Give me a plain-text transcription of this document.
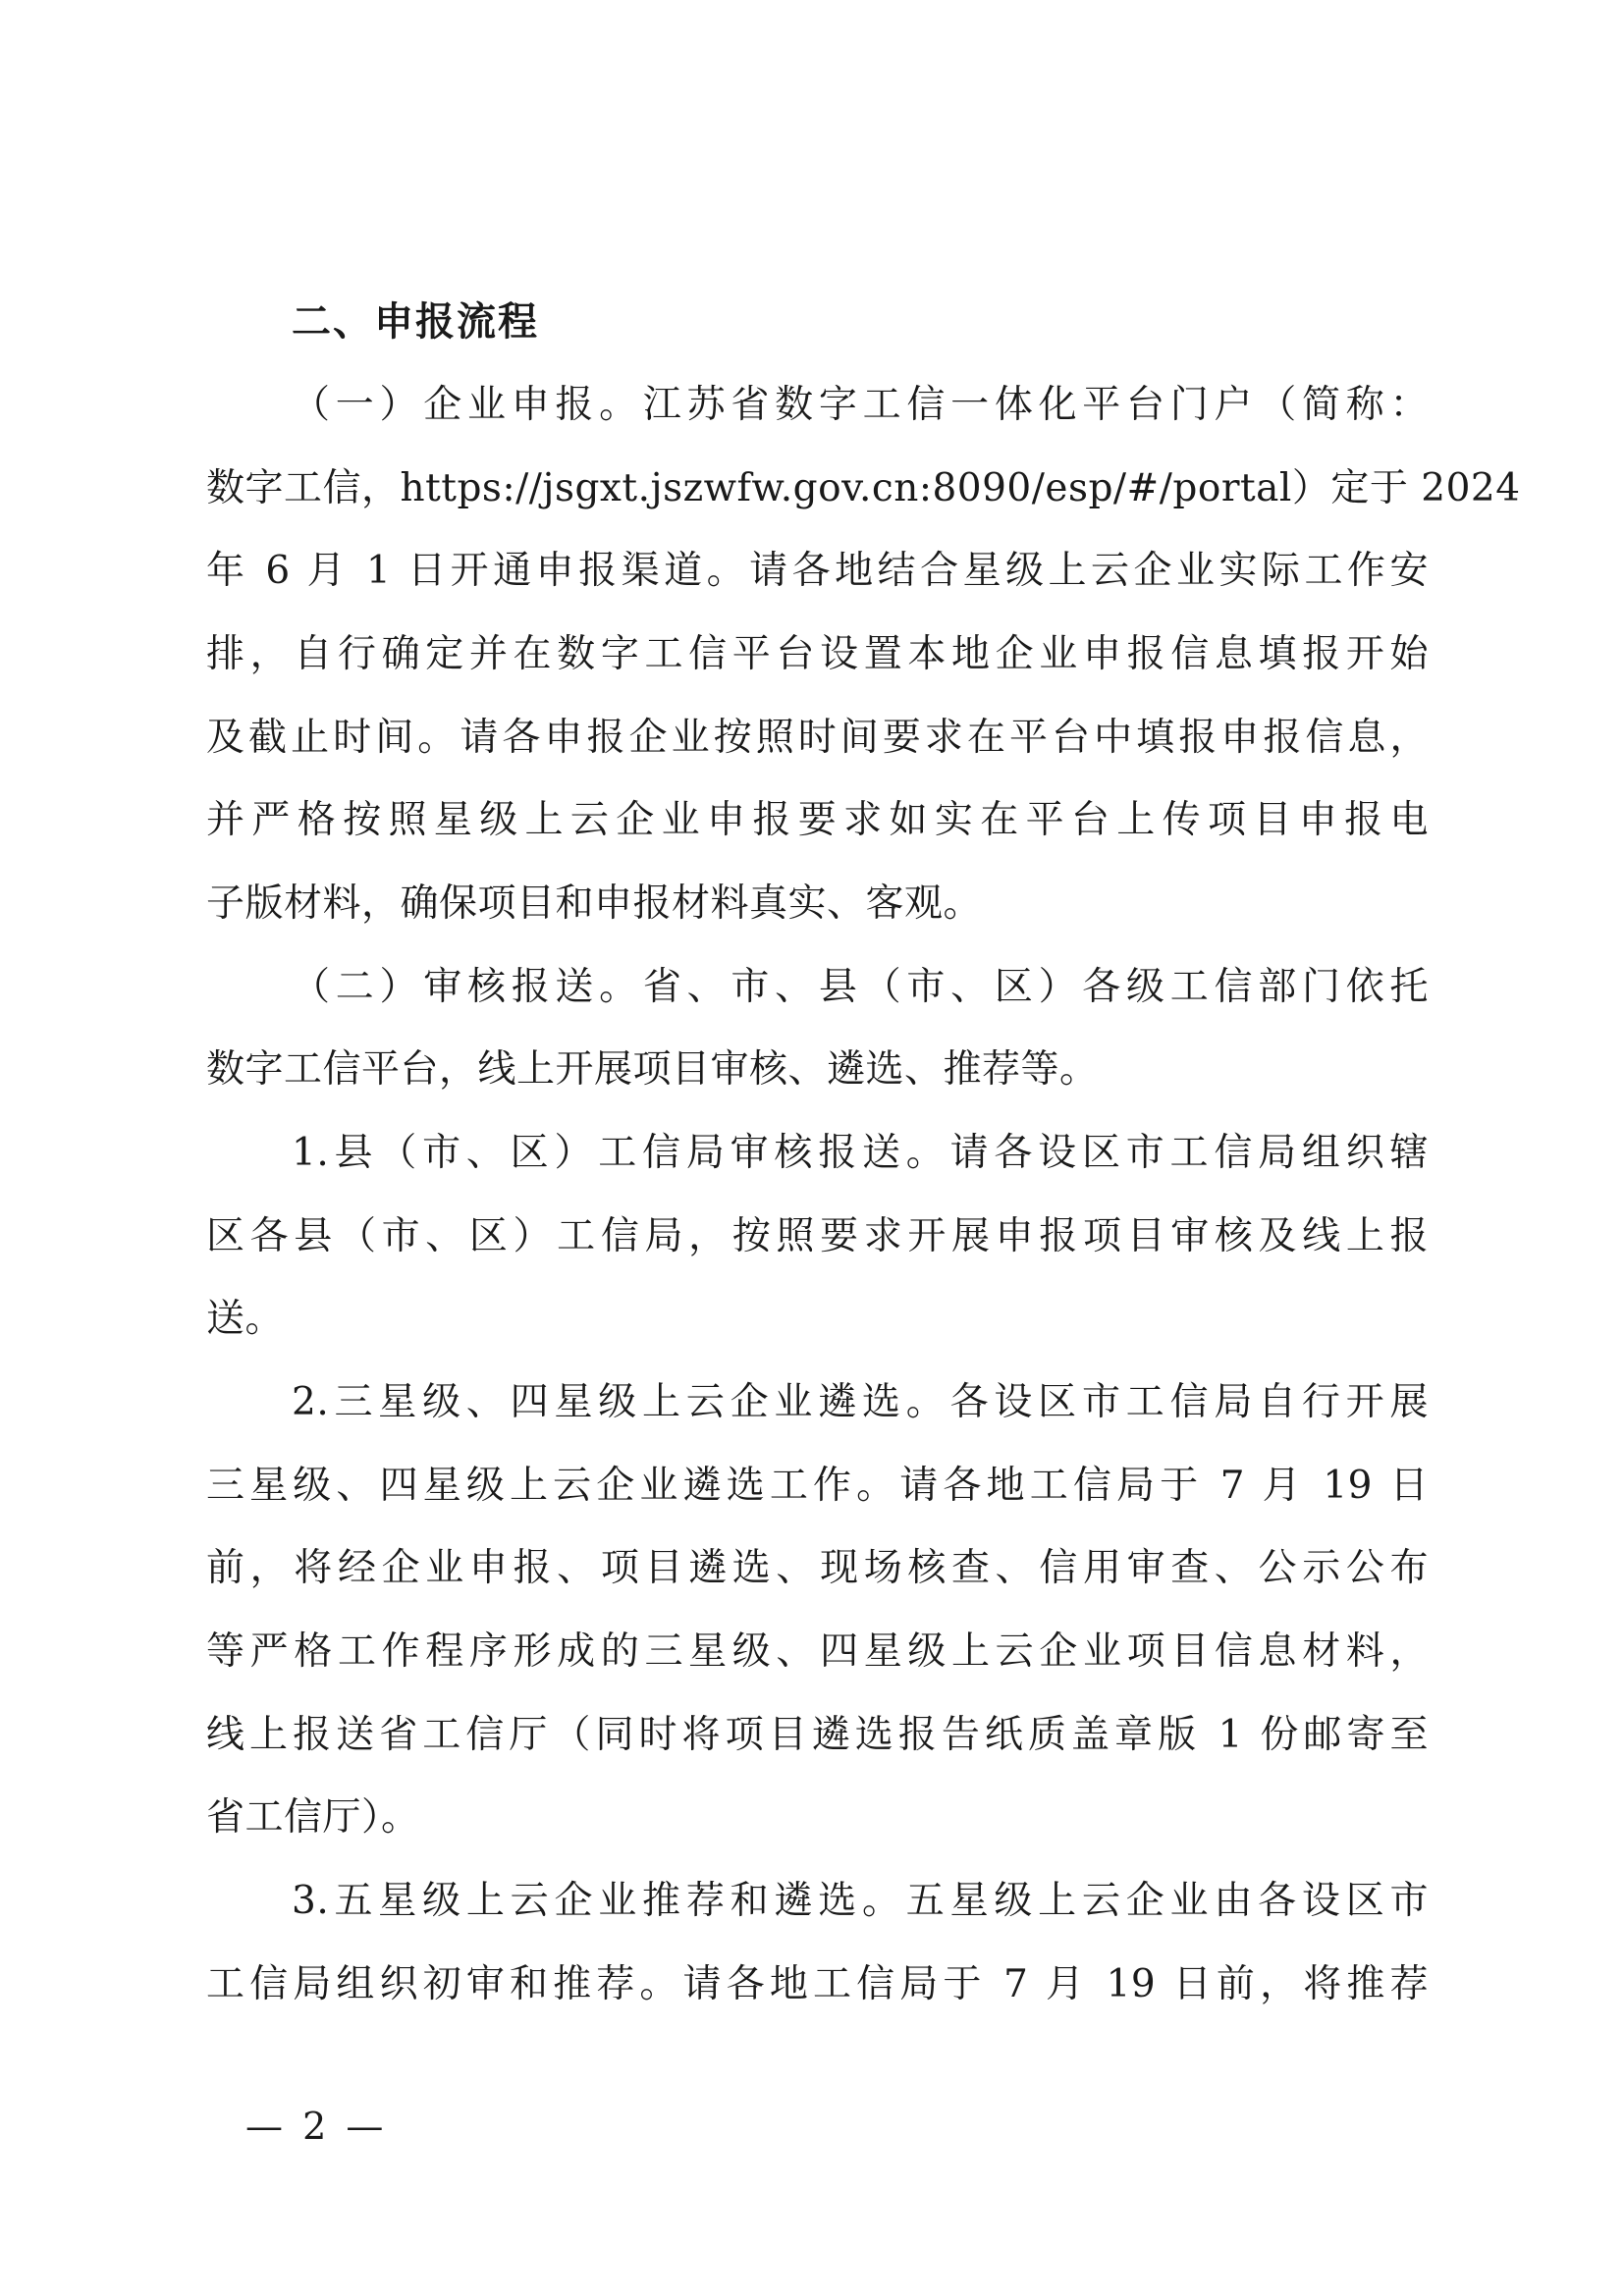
二、申报流程
（一）企业申报。江苏省数字工信一体化平台门户（简称：
数字工信，https://jsgxt.jszwfw.gov.cn:8090/esp/#/portal）定于 2024
年 6 月 1 日开通申报渠道。请各地结合星级上云企业实际工作安
排，自行确定并在数字工信平台设置本地企业申报信息填报开始
及截止时间。请各申报企业按照时间要求在平台中填报申报信息，
并严格按照星级上云企业申报要求如实在平台上传项目申报电
子版材料，确保项目和申报材料真实、客观。
（二）审核报送。省、市、县（市、区）各级工信部门依托
数字工信平台，线上开展项目审核、遴选、推荐等。
1.县（市、区）工信局审核报送。请各设区市工信局组织辖
区各县（市、区）工信局，按照要求开展申报项目审核及线上报
送。
2.三星级、四星级上云企业遴选。各设区市工信局自行开展
三星级、四星级上云企业遴选工作。请各地工信局于 7 月 19 日
前，将经企业申报、项目遴选、现场核查、信用审查、公示公布
等严格工作程序形成的三星级、四星级上云企业项目信息材料，
线上报送省工信厅（同时将项目遴选报告纸质盖章版 1 份邮寄至
省工信厅）。
3.五星级上云企业推荐和遴选。五星级上云企业由各设区市
工信局组织初审和推荐。请各地工信局于 7 月 19 日前，将推荐
— 2 —
